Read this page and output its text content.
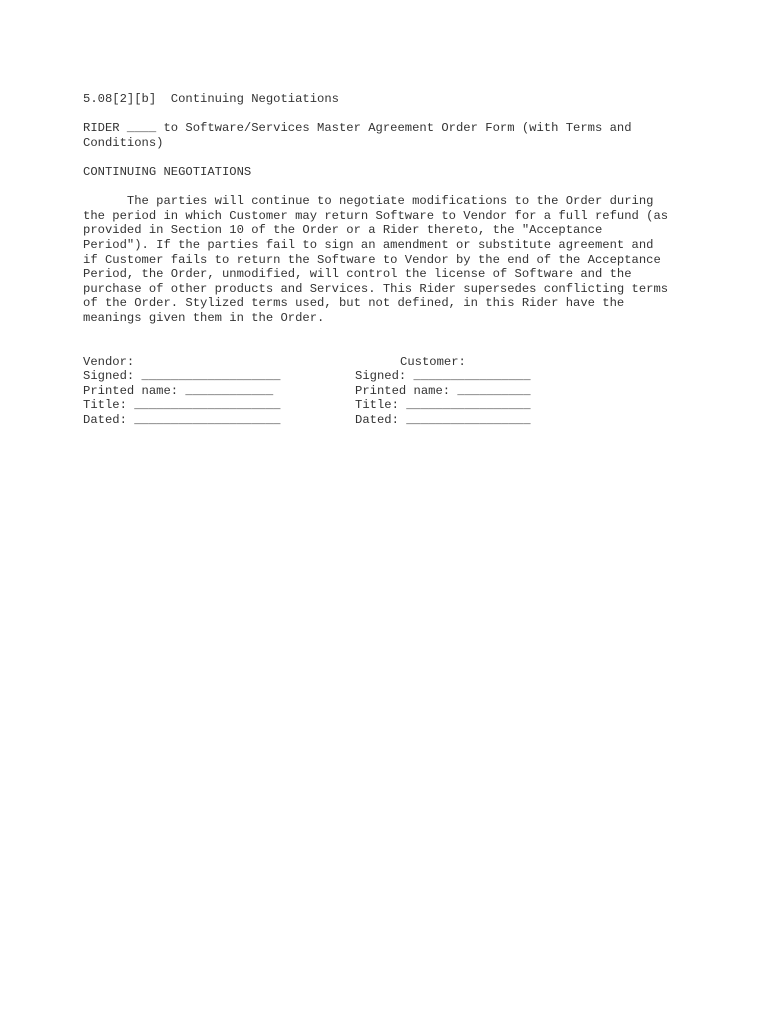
5.08[2][b]  Continuing Negotiations

RIDER ____ to Software/Services Master Agreement Order Form (with Terms and

Conditions)

CONTINUING NEGOTIATIONS

The parties will continue to negotiate modifications to the Order during

the period in which Customer may return Software to Vendor for a full refund (as

provided in Section 10 of the Order or a Rider thereto, the "Acceptance

Period"). If the parties fail to sign an amendment or substitute agreement and

if Customer fails to return the Software to Vendor by the end of the Acceptance

Period, the Order, unmodified, will control the license of Software and the

purchase of other products and Services. This Rider supersedes conflicting terms

of the Order. Stylized terms used, but not defined, in this Rider have the

meanings given them in the Order.

Vendor:

Signed: ___________________

Printed name: ____________

Title: ____________________

Dated: ____________________

Customer:

Signed: ________________

Printed name: __________

Title: _________________

Dated: _________________
